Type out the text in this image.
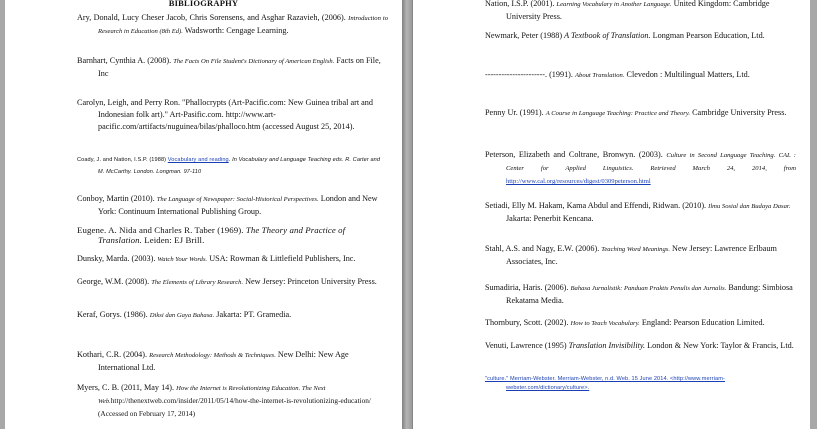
BIBLIOGRAPHY

Ary, Donald, Lucy Cheser Jacob, Chris Sorensens, and Asghar Razavieh, (2006). Introduction to Research in Education (8th Ed). Wadsworth: Cengage Learning.

Barnhart, Cynthia A. (2008). The Facts On File Student's Dictionary of American English. Facts on File, Inc

Carolyn, Leigh, and Perry Ron. "Phallocrypts (Art-Pacific.com: New Guinea tribal art and Indonesian folk art)." Art-Pasific.com. http://www.art-pacific.com/artifacts/nuguinea/bilas/phalloco.htm (accessed August 25, 2014).

Coady, J. and Nation, I.S.P. (1988) Vocabulary and reading. In Vocabulary and Language Teaching eds. R. Carter and M. McCarthy. London. Longman. 97-110

Conboy, Martin (2010). The Language of Newspaper: Social-Historical Perspectives. London and New York: Continuum International Publishing Group.

Eugene. A. Nida and Charles R. Taber (1969). The Theory and Practice of Translation. Leiden: EJ Brill.

Dunsky, Marda. (2003). Watch Your Words. USA: Rowman & Littlefield Publishers, Inc.

George, W.M. (2008). The Elements of Library Research. New Jersey: Princeton University Press.

Keraf, Gorys. (1986). Diksi dan Gaya Bahasa. Jakarta: PT. Gramedia.

Kothari, C.R. (2004). Research Methodology: Methods & Techniques. New Delhi: New Age International Ltd.

Myers, C. B. (2011, May 14). How the Internet is Revolutionizing Education. The Next Web.http://thenextweb.com/insider/2011/05/14/how-the-internet-is-revolutionizing-education/ (Accessed on February 17, 2014)

Nation, I.S.P. (2001). Learning Vocabulary in Another Language. United Kingdom: Cambridge University Press.

Newmark, Peter (1988) A Textbook of Translation. Longman Pearson Education, Ltd.

----------------------. (1991). About Translation. Clevedon : Multilingual Matters, Ltd.

Penny Ur. (1991). A Course in Language Teaching: Practice and Theory. Cambridge University Press.

Peterson, Elizabeth and Coltrane, Bronwyn. (2003). Culture in Second Language Teaching. CAL : Center for Applied Linguistics. Retrieved March 24, 2014, from http://www.cal.org/resources/digest/0309peterson.html

Setiadi, Elly M. Hakam, Kama Abdul and Effendi, Ridwan. (2010). Ilmu Sosial dan Budaya Dasar. Jakarta: Penerbit Kencana.

Stahl, A.S. and Nagy, E.W. (2006). Teaching Word Meanings. New Jersey: Lawrence Erlbaum Associates, Inc.

Sumadiria, Haris. (2006). Bahasa Jurnalistik: Panduan Praktis Penulis dan Jurnalis. Bandung: Simbiosa Rekatama Media.

Thornbury, Scott. (2002). How to Teach Vocabulary. England: Pearson Education Limited.

Venuti, Lawrence (1995) Translation Invisibility. London & New York: Taylor & Francis, Ltd.

"culture." Merriam-Webster. Merriam-Webster, n.d. Web. 15 June 2014. <http://www.merriam-webster.com/dictionary/culture>.
